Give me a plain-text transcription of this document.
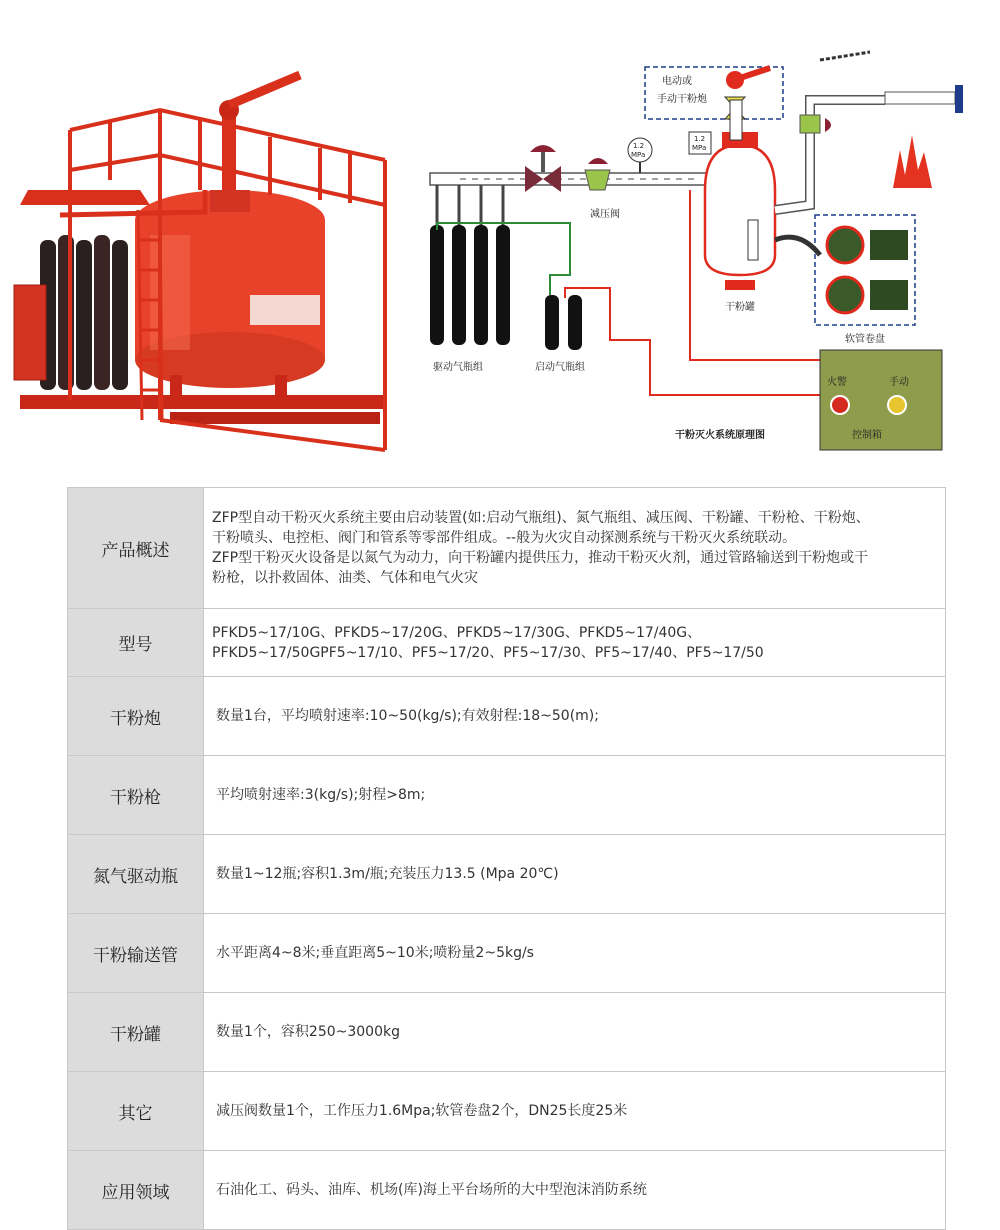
电动或
手动干粉炮
减压阀
1.2
MPa
1.2
MPa
干粉罐
驱动气瓶组	启动气瓶组
软管卷盘
火警	手动
控制箱
干粉灭火系统原理图
产品概述	ZFP型自动干粉灭火系统主要由启动装置(如:启动气瓶组)、氮气瓶组、减压阀、干粉罐、干粉枪、干粉炮、

干粉喷头、电控柜、阀门和管系等零部件组成。--般为火灾自动探测系统与干粉灭火系统联动。

ZFP型干粉灭火设备是以氮气为动力，向干粉罐内提供压力，推动干粉灭火剂，通过管路输送到干粉炮或干

粉枪，以扑救固体、油类、气体和电气火灾

型号	PFKD5~17/10G、PFKD5~17/20G、PFKD5~17/30G、PFKD5~17/40G、

PFKD5~17/50GPF5~17/10、PF5~17/20、PF5~17/30、PF5~17/40、PF5~17/50

干粉炮	数量1台，平均喷射速率:10~50(kg/s);有效射程:18~50(m);
干粉枪	平均喷射速率:3(kg/s);射程>8m;
氮气驱动瓶	数量1~12瓶;容积1.3m/瓶;充装压力13.5 (Mpa 20℃)
干粉输送管	水平距离4~8米;垂直距离5~10米;喷粉量2~5kg/s
干粉罐	数量1个，容积250~3000kg
其它	减压阀数量1个，工作压力1.6Mpa;软管卷盘2个，DN25长度25米
应用领域	石油化工、码头、油库、机场(库)海上平台场所的大中型泡沫消防系统
